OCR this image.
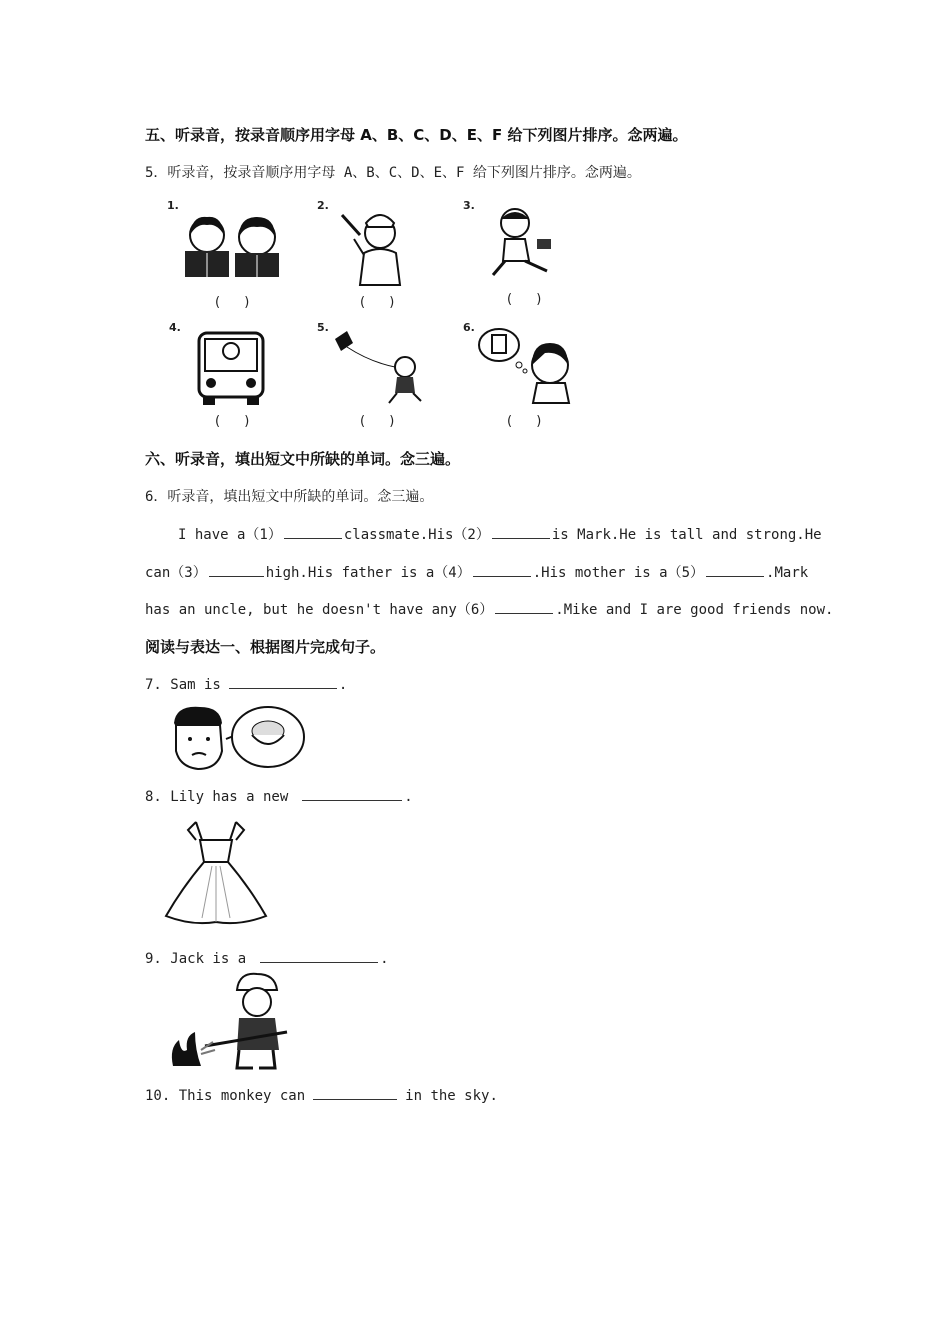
五、听录音，按录音顺序用字母 A、B、C、D、E、F 给下列图片排序。念两遍。
5．听录音，按录音顺序用字母 A、B、C、D、E、F 给下列图片排序。念两遍。
1.
( )
2.
( )
3.
( )
4.
( )
5.
( )
6.
( )
六、听录音，填出短文中所缺的单词。念三遍。
6．听录音，填出短文中所缺的单词。念三遍。
I have a（1）	classmate.His（2）	is Mark.He is tall and strong.He
can（3）	high.His father is a（4）	.His mother is a（5）	.Mark
has an uncle, but he doesn't have any（6）	.Mike and I are good friends now.
阅读与表达一、根据图片完成句子。
7. Sam is	.
8. Lily has a new	.
9. Jack is a	.
10. This monkey can	in the sky.
